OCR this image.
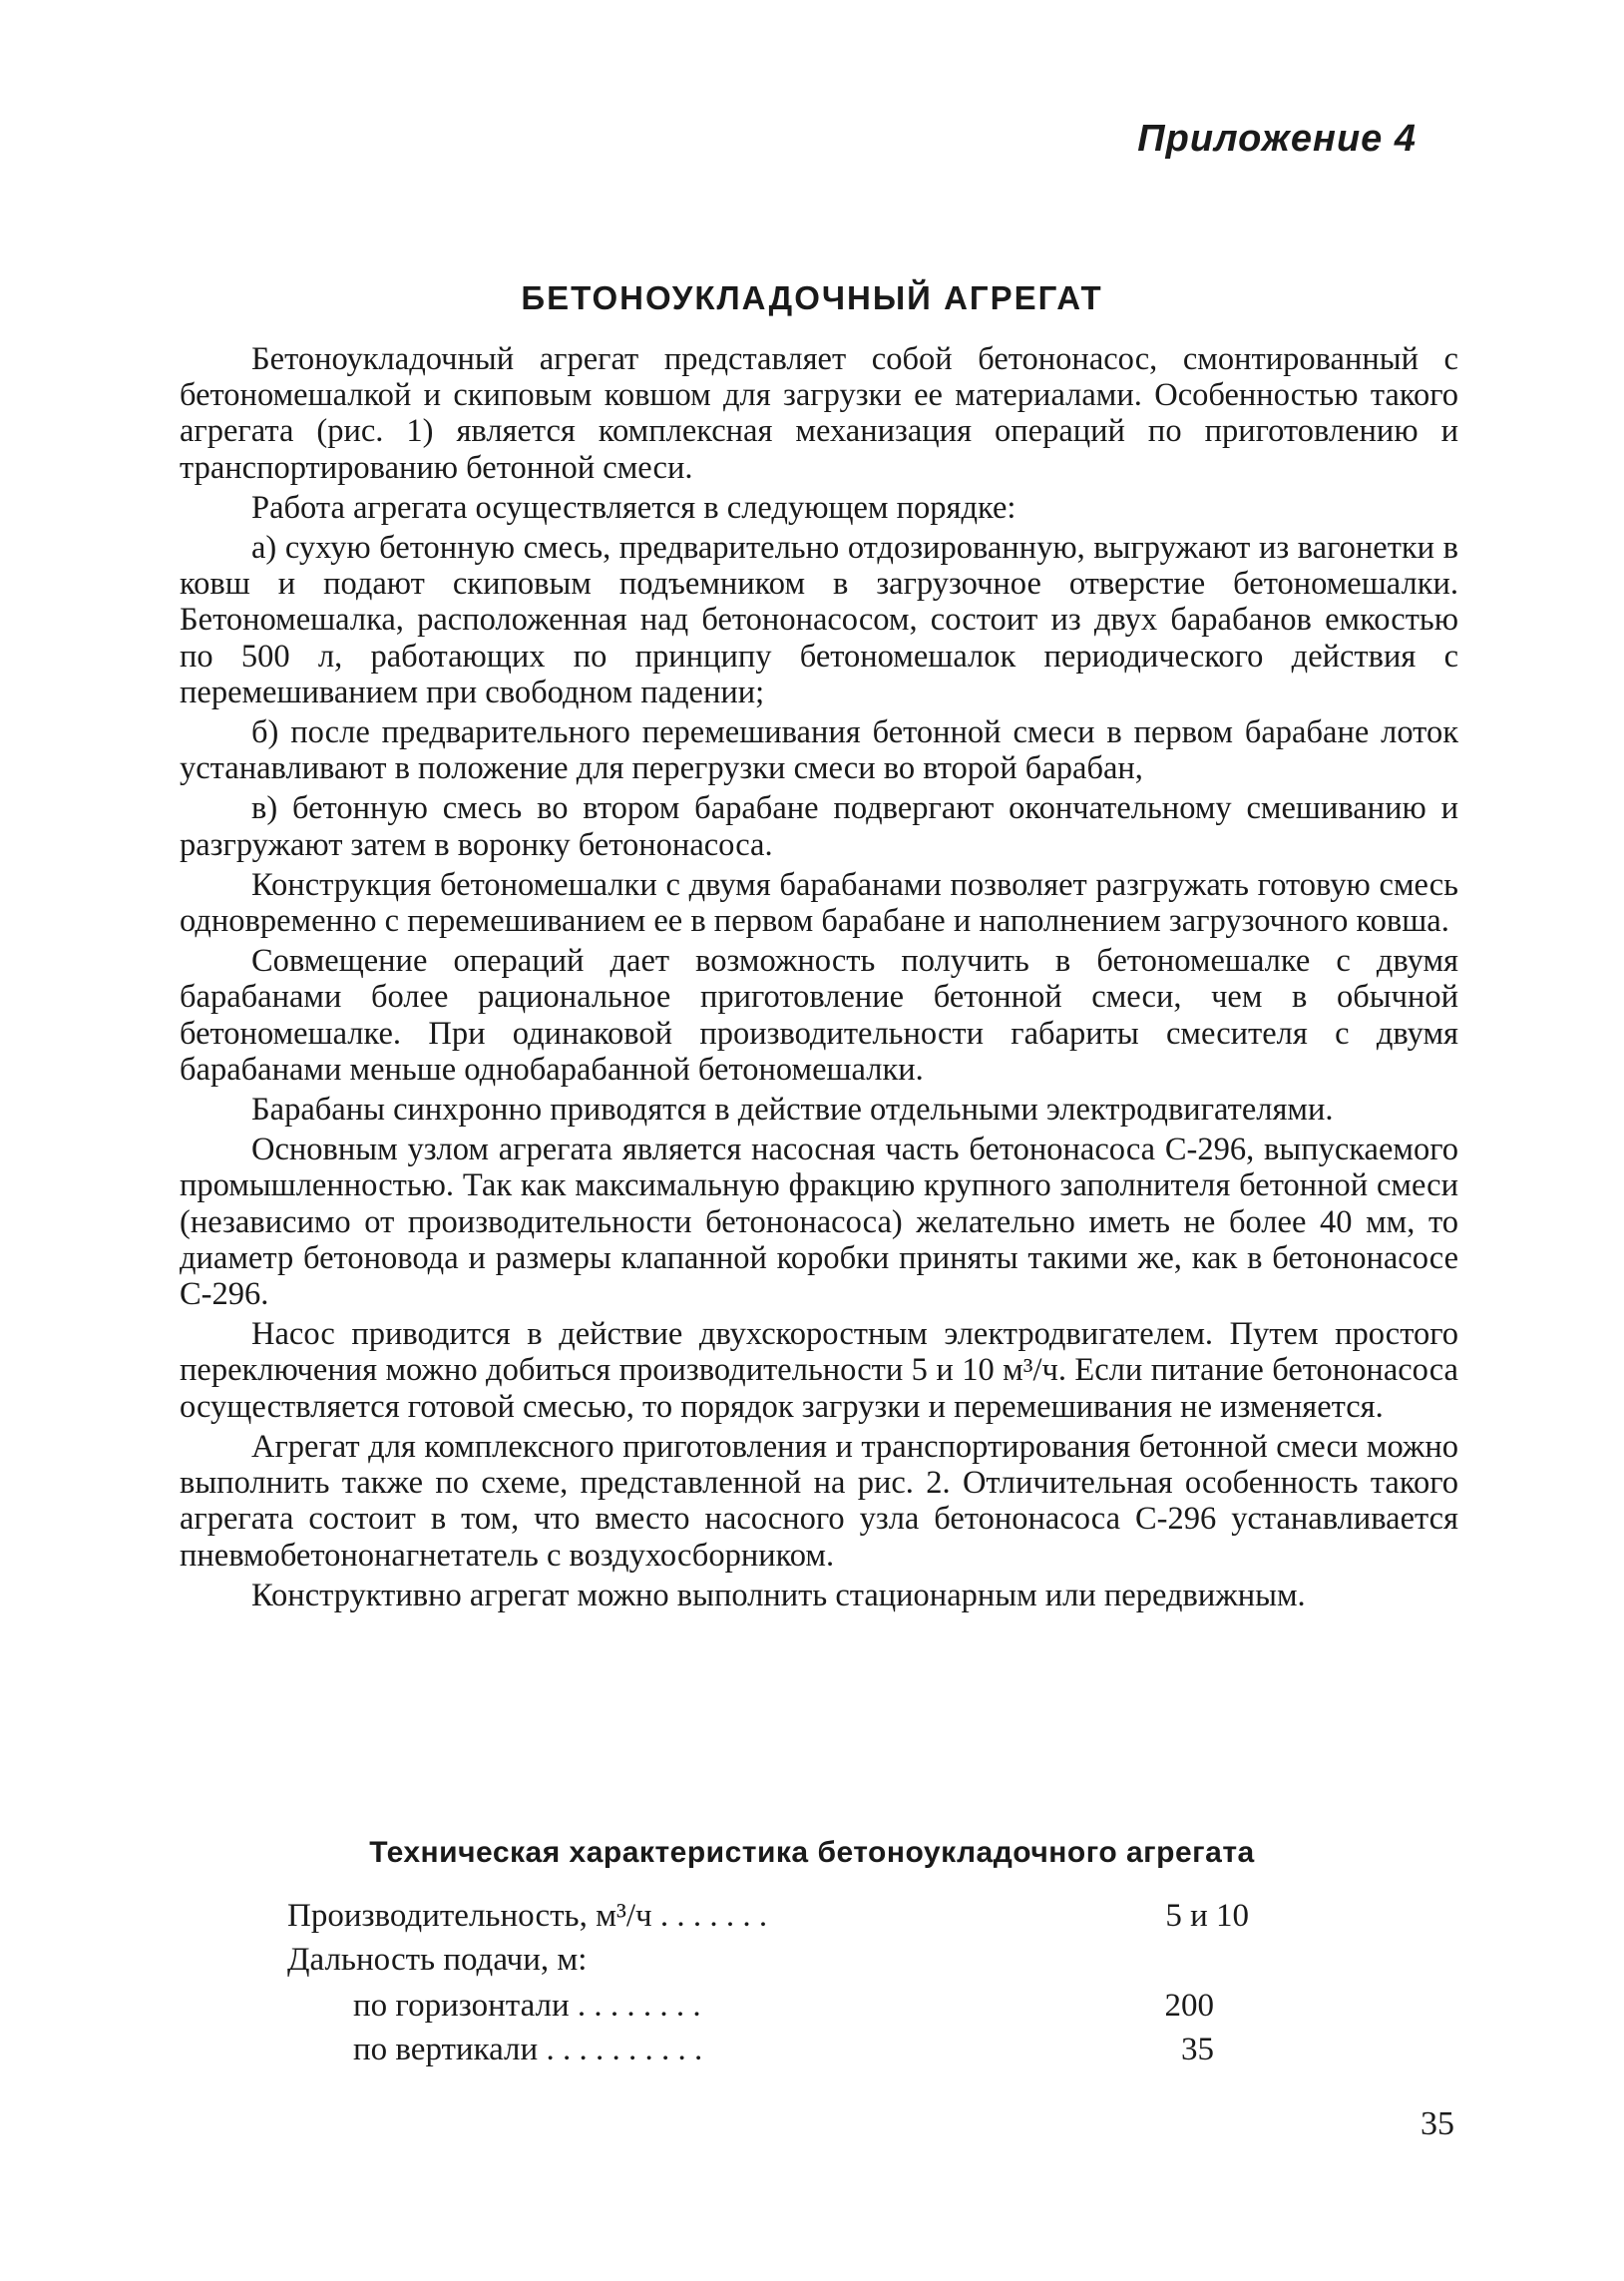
Приложение 4
БЕТОНОУКЛАДОЧНЫЙ АГРЕГАТ

Бетоноукладочный агрегат представляет собой бетононасос, смонтированный с бетономешалкой и скиповым ковшом для загрузки ее материалами. Особенностью такого агрегата (рис. 1) является комплексная механизация операций по приготовлению и транспортированию бетонной смеси.

Работа агрегата осуществляется в следующем порядке:

а) сухую бетонную смесь, предварительно отдозированную, выгружают из вагонетки в ковш и подают скиповым подъемником в загрузочное отверстие бетономешалки. Бетономешалка, расположенная над бетононасосом, состоит из двух барабанов емкостью по 500 л, работающих по принципу бетономешалок периодического действия с перемешиванием при свободном падении;

б) после предварительного перемешивания бетонной смеси в первом барабане лоток устанавливают в положение для перегрузки смеси во второй барабан,

в) бетонную смесь во втором барабане подвергают окончательному смешиванию и разгружают затем в воронку бетононасоса.

Конструкция бетономешалки с двумя барабанами позволяет разгружать готовую смесь одновременно с перемешиванием ее в первом барабане и наполнением загрузочного ковша.

Совмещение операций дает возможность получить в бетономешалке с двумя барабанами более рациональное приготовление бетонной смеси, чем в обычной бетономешалке. При одинаковой производительности габариты смесителя с двумя барабанами меньше однобарабанной бетономешалки.

Барабаны синхронно приводятся в действие отдельными электродвигателями.

Основным узлом агрегата является насосная часть бетононасоса С-296, выпускаемого промышленностью. Так как максимальную фракцию крупного заполнителя бетонной смеси (независимо от производительности бетононасоса) желательно иметь не более 40 мм, то диаметр бетоновода и размеры клапанной коробки приняты такими же, как в бетононасосе С-296.

Насос приводится в действие двухскоростным электродвигателем. Путем простого переключения можно добиться производительности 5 и 10 м³/ч. Если питание бетононасоса осуществляется готовой смесью, то порядок загрузки и перемешивания не изменяется.

Агрегат для комплексного приготовления и транспортирования бетонной смеси можно выполнить также по схеме, представленной на рис. 2. Отличительная особенность такого агрегата состоит в том, что вместо насосного узла бетононасоса С-296 устанавливается пневмобетононагнетатель с воздухосборником.

Конструктивно агрегат можно выполнить стационарным или передвижным.

Техническая характеристика бетоноукладочного агрегата
Производительность, м³/ч . . . . . . .	5 и 10
Дальность подачи, м:
по горизонтали . . . . . . . .	200
по вертикали . . . . . . . . . .	35
35
